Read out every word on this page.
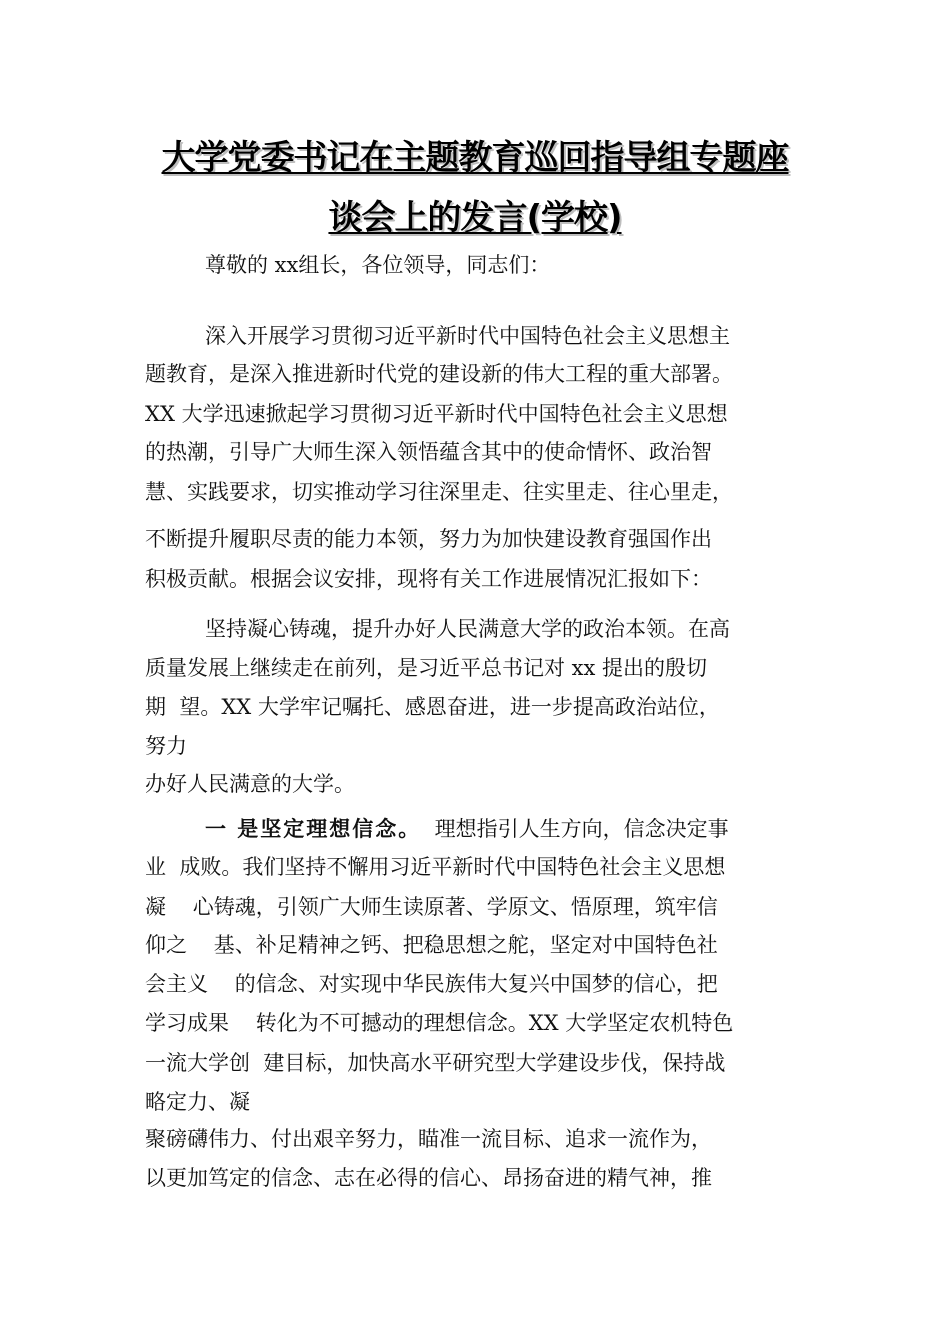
大学党委书记在主题教育巡回指导组专题座
谈会上的发言(学校)
尊敬的 xx组长，各位领导，同志们：
深入开展学习贯彻习近平新时代中国特色社会主义思想主
题教育，是深入推进新时代党的建设新的伟大工程的重大部署。
XX 大学迅速掀起学习贯彻习近平新时代中国特色社会主义思想
的热潮，引导广大师生深入领悟蕴含其中的使命情怀、政治智
慧、实践要求，切实推动学习往深里走、往实里走、往心里走，
不断提升履职尽责的能力本领，努力为加快建设教育强国作出
积极贡献。根据会议安排，现将有关工作进展情况汇报如下：
坚持凝心铸魂，提升办好人民满意大学的政治本领。在高
质量发展上继续走在前列，是习近平总书记对 xx 提出的殷切
期  望。XX 大学牢记嘱托、感恩奋进，进一步提高政治站位，
努力
办好人民满意的大学。
一 是坚定理想信念。  理想指引人生方向，信念决定事
业  成败。我们坚持不懈用习近平新时代中国特色社会主义思想
凝    心铸魂，引领广大师生读原著、学原文、悟原理，筑牢信
仰之    基、补足精神之钙、把稳思想之舵，坚定对中国特色社
会主义    的信念、对实现中华民族伟大复兴中国梦的信心，把
学习成果    转化为不可撼动的理想信念。XX 大学坚定农机特色
一流大学创  建目标，加快高水平研究型大学建设步伐，保持战
略定力、凝
聚磅礴伟力、付出艰辛努力，瞄准一流目标、追求一流作为，
以更加笃定的信念、志在必得的信心、昂扬奋进的精气神，推
